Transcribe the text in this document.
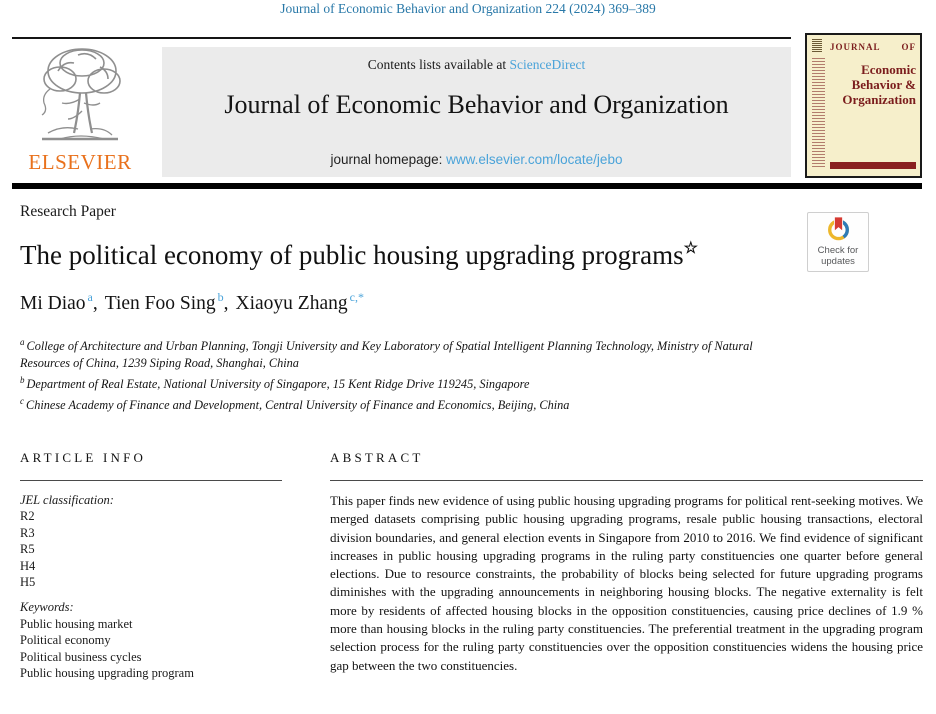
Journal of Economic Behavior and Organization 224 (2024) 369–389
ELSEVIER
Contents lists available at ScienceDirect
Journal of Economic Behavior and Organization
journal homepage: www.elsevier.com/locate/jebo
JOURNAL OF
Economic
Behavior &
Organization
Research Paper
The political economy of public housing upgrading programs☆	Check for
updates
Mi Diao $^a$, Tien Foo Sing $^b$, Xiaoyu Zhang $^{c,*}$

$^a$ College of Architecture and Urban Planning, Tongji University and Key Laboratory of Spatial Intelligent Planning Technology, Ministry of Natural Resources of China, 1239 Siping Road, Shanghai, China

$^b$ Department of Real Estate, National University of Singapore, 15 Kent Ridge Drive 119245, Singapore

$^c$ Chinese Academy of Finance and Development, Central University of Finance and Economics, Beijing, China

ARTICLE INFO
JEL classification:
R2
R3
R5
H4
H5
Keywords:
Public housing market
Political economy
Political business cycles
Public housing upgrading program
ABSTRACT
This paper finds new evidence of using public housing upgrading programs for political rent-seeking motives. We merged datasets comprising public housing upgrading programs, resale public housing transactions, electoral division boundaries, and general election events in Singapore from 2010 to 2016. We find evidence of significant increases in public housing upgrading programs in the ruling party constituencies one quarter before general elections. Due to resource constraints, the probability of blocks being selected for future upgrading programs diminishes with the upgrading announcements in neighboring housing blocks. The negative externality is felt more by residents of affected housing blocks in the opposition constituencies, causing price declines of 1.9 % more than housing blocks in the ruling party constituencies. The preferential treatment in the upgrading program selection process for the ruling party constituencies over the opposition constituencies widens the housing price gap between the two constituencies.
